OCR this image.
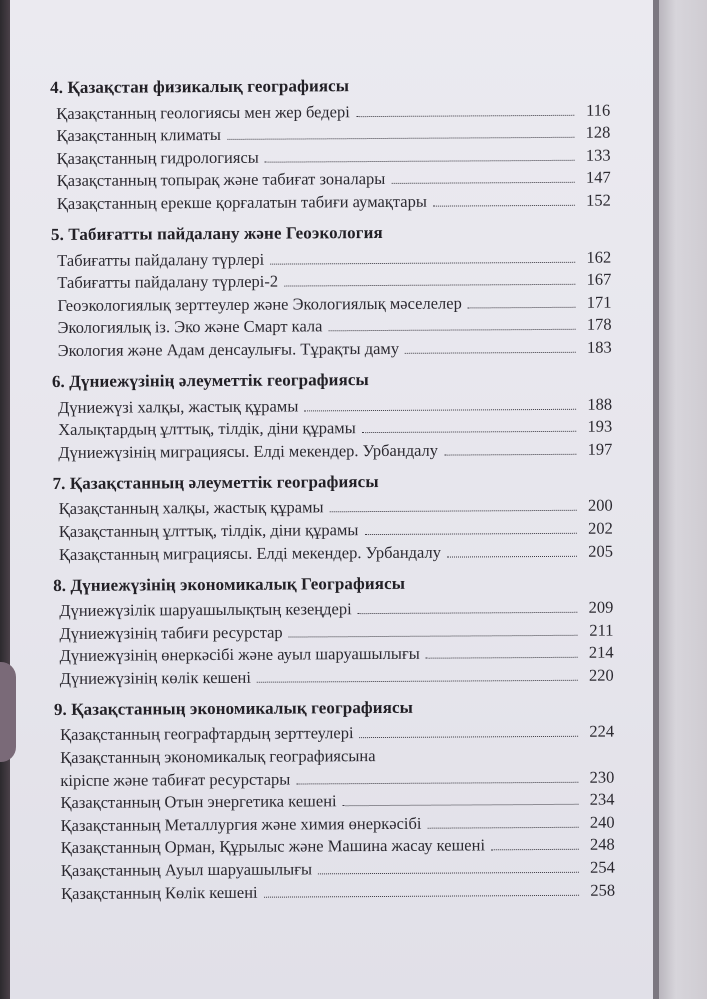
4. Қазақстан физикалық географиясы
Қазақстанның геологиясы мен жер бедері	116
Қазақстанның климаты	128
Қазақстанның гидрологиясы	133
Қазақстанның топырақ және табиғат зоналары	147
Қазақстанның ерекше қорғалатын табиғи аумақтары	152
5. Табиғатты пайдалану және Геоэкология
Табиғатты пайдалану түрлері	162
Табиғатты пайдалану түрлері-2	167
Геоэкологиялық зерттеулер және Экологиялық мәселелер	171
Экологиялық із. Эко және Смарт кала	178
Экология және Адам денсаулығы. Тұрақты даму	183
6. Дүниежүзінің әлеуметтік географиясы
Дүниежүзі халқы, жастық құрамы	188
Халықтардың ұлттық, тілдік, діни құрамы	193
Дүниежүзінің миграциясы. Елді мекендер. Урбандалу	197
7. Қазақстанның әлеуметтік географиясы
Қазақстанның халқы, жастық құрамы	200
Қазақстанның ұлттық, тілдік, діни құрамы	202
Қазақстанның миграциясы. Елді мекендер. Урбандалу	205
8. Дүниежүзінің экономикалық Географиясы
Дүниежүзілік шаруашылықтың кезеңдері	209
Дүниежүзінің табиғи ресурстар	211
Дүниежүзінің өнеркәсібі және ауыл шаруашылығы	214
Дүниежүзінің көлік кешені	220
9. Қазақстанның экономикалық географиясы
Қазақстанның географтардың зерттеулері	224
Қазақстанның экономикалық географиясына
кіріспе және табиғат ресурстары	230
Қазақстанның Отын энергетика кешені	234
Қазақстанның Металлургия және химия өнеркәсібі	240
Қазақстанның Орман, Құрылыс және Машина жасау кешені	248
Қазақстанның Ауыл шаруашылығы	254
Қазақстанның Көлік кешені	258
